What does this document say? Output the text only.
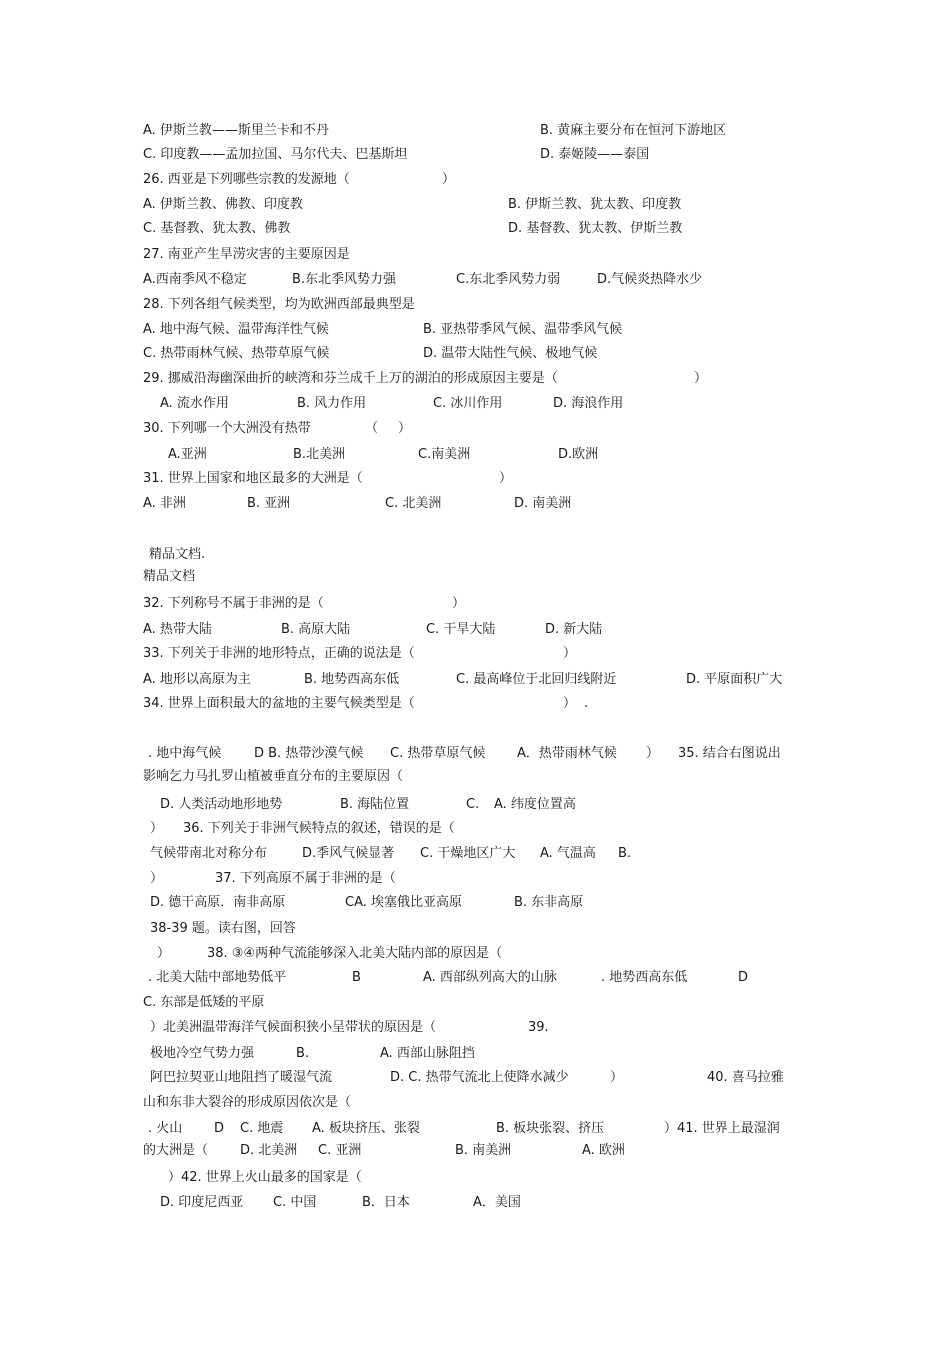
A. 伊斯兰教——斯里兰卡和不丹	B. 黄麻主要分布在恒河下游地区
C. 印度教——孟加拉国、马尔代夫、巴基斯坦	D. 泰姬陵——泰国
26. 西亚是下列哪些宗教的发源地（	）
A. 伊斯兰教、佛教、印度教	B. 伊斯兰教、犹太教、印度教
C. 基督教、犹太教、佛教	D. 基督教、犹太教、伊斯兰教
27. 南亚产生旱涝灾害的主要原因是
A.西南季风不稳定	B.东北季风势力强	C.东北季风势力弱	D.气候炎热降水少
28. 下列各组气候类型，均为欧洲西部最典型是
A. 地中海气候、温带海洋性气候	B. 亚热带季风气候、温带季风气候
C. 热带雨林气候、热带草原气候	D. 温带大陆性气候、极地气候
29. 挪威沿海幽深曲折的峡湾和芬兰成千上万的湖泊的形成原因主要是（	）
A. 流水作用	B. 风力作用	C. 冰川作用	D. 海浪作用
30. 下列哪一个大洲没有热带	（ ）
A.亚洲	B.北美洲	C.南美洲	D.欧洲
31. 世界上国家和地区最多的大洲是（	）
A. 非洲	B. 亚洲	C. 北美洲	D. 南美洲
精品文档.
精品文档
32. 下列称号不属于非洲的是（	）
A. 热带大陆	B. 高原大陆	C. 干旱大陆	D. 新大陆
33. 下列关于非洲的地形特点，正确的说法是（	）
A. 地形以高原为主	B. 地势西高东低	C. 最高峰位于北回归线附近	D. 平原面积广大
34. 世界上面积最大的盆地的主要气候类型是（	） .
. 地中海气候	D B. 热带沙漠气候 C. 热带草原气候 A．热带雨林气候 ） 35. 结合右图说出
影响乞力马扎罗山植被垂直分布的主要原因（
D. 人类活动地形地势	B. 海陆位置	C. A. 纬度位置高
） 36. 下列关于非洲气候特点的叙述，错误的是（
气候带南北对称分布	D.季风气候显著 C. 干燥地区广大 A. 气温高 B.
）	37. 下列高原不属于非洲的是（
D. 德干高原．南非高原	CA. 埃塞俄比亚高原	B. 东非高原
38-39 题。读右图，回答
）	38. ③④两种气流能够深入北美大陆内部的原因是（
. 北美大陆中部地势低平	B	A. 西部纵列高大的山脉	. 地势西高东低	D
C. 东部是低矮的平原
）北美洲温带海洋气候面积狭小呈带状的原因是（	39.
极地冷空气势力强	B.	A. 西部山脉阻挡
阿巴拉契亚山地阻挡了暖湿气流	D. C. 热带气流北上使降水减少	）	40. 喜马拉雅
山和东非大裂谷的形成原因依次是（
. 火山 D C. 地震 A. 板块挤压、张裂	B. 板块张裂、挤压	）41. 世界上最湿润
的大洲是（ D. 北美洲 C. 亚洲	B. 南美洲	A. 欧洲
）42. 世界上火山最多的国家是（
D. 印度尼西亚 C. 中国	B．日本	A．美国
